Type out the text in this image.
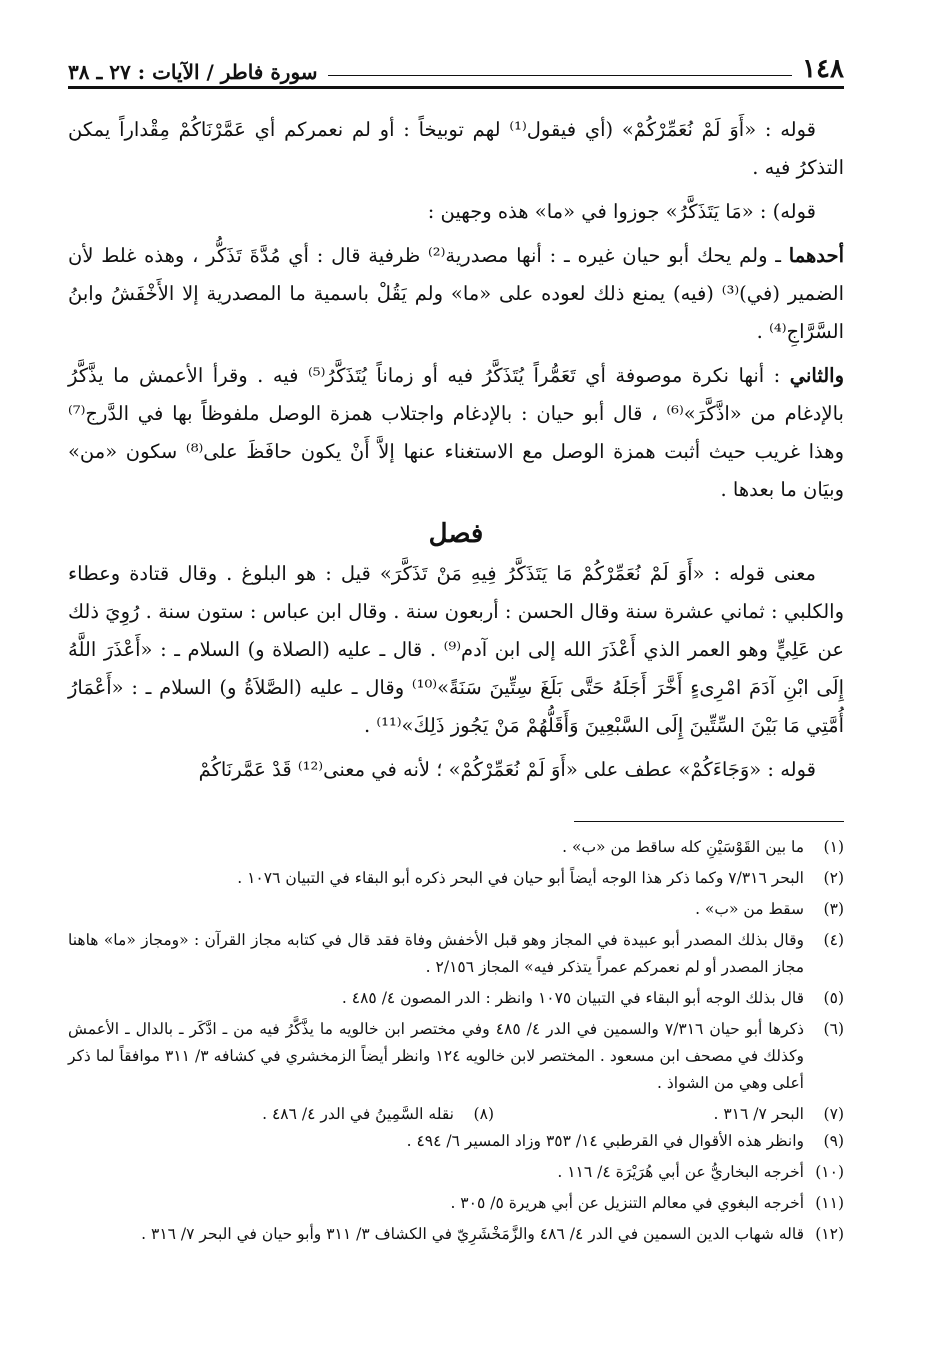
١٤٨
سورة فاطر / الآيات : ٢٧ ـ ٣٨

قوله : «أَوَ لَمْ نُعَمِّرْكُمْ» (أي فيقول⁽¹⁾ لهم توبيخاً : أو لم نعمركم أي عَمَّرْنَاكُمْ مِقْداراً يمكن التذكرُ فيه .

قوله) : «مَا يَتَذَكَّرُ» جوزوا في «ما» هذه وجهين :

أحدهما ـ ولم يحك أبو حيان غيره ـ : أنها مصدرية⁽²⁾ ظرفية قال : أي مُدَّةَ تَذَكُّر ، وهذه غلط لأن الضمير (في)⁽³⁾ (فيه) يمنع ذلك لعوده على «ما» ولم يَقُلْ باسمية ما المصدرية إلا الأَخْفَشُ وابنُ السَّرَّاجِ⁽⁴⁾ .

والثاني : أنها نكرة موصوفة أي تَعَمُّراً يُتَذَكَّرُ فيه أو زماناً يُتَذَكَّرُ⁽⁵⁾ فيه . وقرأ الأعمش ما يذَّكَّرُ بالإدغام من «اذَّكَّرَ»⁽⁶⁾ ، قال أبو حيان : بالإدغام واجتلاب همزة الوصل ملفوظاً بها في الدَّرج⁽⁷⁾ وهذا غريب حيث أثبت همزة الوصل مع الاستغناء عنها إلاَّ أَنْ يكون حافَظَ على⁽⁸⁾ سكون «من» وبيَان ما بعدها .

فصل

معنى قوله : «أَوَ لَمْ نُعَمِّرْكُمْ مَا يَتَذَكَّرُ فِيهِ مَنْ تَذَكَّرَ» قيل : هو البلوغ . وقال قتادة وعطاء والكلبي : ثماني عشرة سنة وقال الحسن : أربعون سنة . وقال ابن عباس : ستون سنة . رُوِيَ ذلك عن عَلِيٍّ وهو العمر الذي أَعْذَرَ الله إلى ابن آدم⁽⁹⁾ . قال ـ عليه (الصلاة و) السلام ـ : «أَعْذَرَ اللَّهُ إِلَى ابْنِ آدَمَ امْرِىءٍ أَخَّرَ أَجَلَهُ حَتَّى بَلَغَ سِتِّينَ سَنَةً»⁽¹⁰⁾ وقال ـ عليه (الصَّلاَةُ و) السلام ـ : «أَعْمَارُ أُمَّتِي مَا بَيْنَ السِّتِّينَ إِلَى السَّبْعِينَ وَأَقَلُّهُمْ مَنْ يَجُوز ذَلِكَ»⁽¹¹⁾ .

قوله : «وَجَاءَكُمْ» عطف على «أَوَ لَمْ نُعَمِّرْكُمْ» ؛ لأنه في معنى⁽¹²⁾ قَدْ عَمَّرنَاكُمْ

(١)
ما بين القَوْسَيْنِ كله ساقط من «ب» .
(٢)
البحر ٧/٣١٦ وكما ذكر هذا الوجه أيضاً أبو حيان في البحر ذكره أبو البقاء في التبيان ١٠٧٦ .
(٣)
سقط من «ب» .
(٤)
وقال بذلك المصدر أبو عبيدة في المجاز وهو قبل الأخفش وفاة فقد قال في كتابه مجاز القرآن : «ومجاز «ما» هاهنا مجاز المصدر أو لم نعمركم عمراً يتذكر فيه» المجاز ٢/١٥٦ .
(٥)
قال بذلك الوجه أبو البقاء في التبيان ١٠٧٥ وانظر : الدر المصون ٤/ ٤٨٥ .
(٦)
ذكرها أبو حيان ٧/٣١٦ والسمين في الدر ٤/ ٤٨٥ وفي مختصر ابن خالويه ما يذَّكَّرُ فيه من ـ ادَّكَر ـ بالدال ـ الأعمش وكذلك في مصحف ابن مسعود . المختصر لابن خالويه ١٢٤ وانظر أيضاً الزمخشري في كشافه ٣/ ٣١١ موافقاً لما ذكر أعلى وهي من الشواذ .
(٧)
البحر ٧/ ٣١٦ .
(٨)
نقله السَّمِينُ في الدر ٤/ ٤٨٦ .
(٩)
وانظر هذه الأقوال في القرطبي ١٤/ ٣٥٣ وزاد المسير ٦/ ٤٩٤ .
(١٠)
أخرجه البخاريُّ عن أبي هُرَيْرَة ٤/ ١١٦ .
(١١)
أخرجه البغوي في معالم التنزيل عن أبي هريرة ٥/ ٣٠٥ .
(١٢)
قاله شهاب الدين السمين في الدر ٤/ ٤٨٦ والزَّمَخْشَرِيّ في الكشاف ٣/ ٣١١ وأبو حيان في البحر ٧/ ٣١٦ .
